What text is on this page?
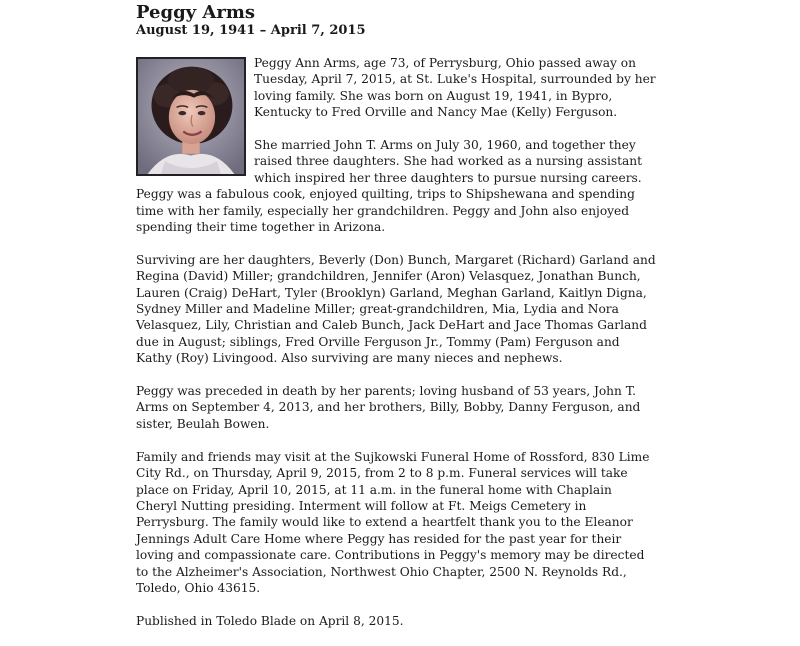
Peggy Arms
August 19, 1941 – April 7, 2015

Peggy Ann Arms, age 73, of Perrysburg, Ohio passed away on Tuesday, April 7, 2015, at St. Luke's Hospital, surrounded by her loving family. She was born on August 19, 1941, in Bypro, Kentucky to Fred Orville and Nancy Mae (Kelly) Ferguson.

She married John T. Arms on July 30, 1960, and together they raised three daughters. She had worked as a nursing assistant which inspired her three daughters to pursue nursing careers. Peggy was a fabulous cook, enjoyed quilting, trips to Shipshewana and spending time with her family, especially her grandchildren. Peggy and John also enjoyed spending their time together in Arizona.

Surviving are her daughters, Beverly (Don) Bunch, Margaret (Richard) Garland and Regina (David) Miller; grandchildren, Jennifer (Aron) Velasquez, Jonathan Bunch, Lauren (Craig) DeHart, Tyler (Brooklyn) Garland, Meghan Garland, Kaitlyn Digna, Sydney Miller and Madeline Miller; great-grandchildren, Mia, Lydia and Nora Velasquez, Lily, Christian and Caleb Bunch, Jack DeHart and Jace Thomas Garland due in August; siblings, Fred Orville Ferguson Jr., Tommy (Pam) Ferguson and Kathy (Roy) Livingood. Also surviving are many nieces and nephews.

Peggy was preceded in death by her parents; loving husband of 53 years, John T. Arms on September 4, 2013, and her brothers, Billy, Bobby, Danny Ferguson, and sister, Beulah Bowen.

Family and friends may visit at the Sujkowski Funeral Home of Rossford, 830 Lime City Rd., on Thursday, April 9, 2015, from 2 to 8 p.m. Funeral services will take place on Friday, April 10, 2015, at 11 a.m. in the funeral home with Chaplain Cheryl Nutting presiding. Interment will follow at Ft. Meigs Cemetery in Perrysburg. The family would like to extend a heartfelt thank you to the Eleanor Jennings Adult Care Home where Peggy has resided for the past year for their loving and compassionate care. Contributions in Peggy's memory may be directed to the Alzheimer's Association, Northwest Ohio Chapter, 2500 N. Reynolds Rd., Toledo, Ohio 43615.

Published in Toledo Blade on April 8, 2015.
